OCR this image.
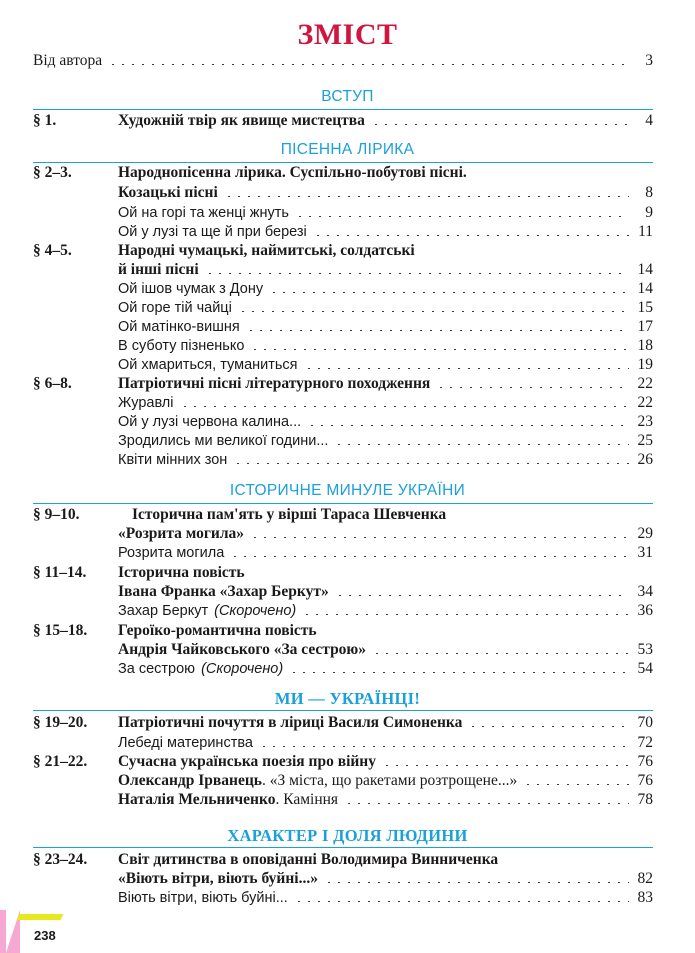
ЗМІСТ
Від автора	3
ВСТУП
§ 1.	Художній твір як явище мистецтва	4
ПІСЕННА ЛІРИКА
§ 2–3.	Народнопісенна лірика. Суспільно-побутові пісні.
Козацькі пісні	8
Ой на горі та женці жнуть	9
Ой у лузі та ще й при березі	11
§ 4–5.	Народні чумацькі, наймитські, солдатські
й інші пісні	14
Ой ішов чумак з Дону	14
Ой горе тій чайці	15
Ой матінко-вишня	17
В суботу пізненько	18
Ой хмариться, туманиться	19
§ 6–8.	Патріотичні пісні літературного походження	22
Журавлі	22
Ой у лузі червона калина...	23
Зродились ми великої години...	25
Квіти мінних зон	26
ІСТОРИЧНЕ МИНУЛЕ УКРАЇНИ
§ 9–10.	Історична пам'ять у вірші Тараса Шевченка
«Розрита могила»	29
Розрита могила	31
§ 11–14. Історична повість
Івана Франка «Захар Беркут»	34
Захар Беркут (Скорочено)	36
§ 15–18. Героїко-романтична повість
Андрія Чайковського «За сестрою»	53
За сестрою (Скорочено)	54
МИ — УКРАЇНЦІ!
§ 19–20. Патріотичні почуття в ліриці Василя Симоненка	70
Лебеді материнства	72
§ 21–22. Сучасна українська поезія про війну	76
Олександр Ірванець . «З міста, що ракетами розтрощене...»	76
Наталія Мельниченко . Каміння	78
ХАРАКТЕР І ДОЛЯ ЛЮДИНИ
§ 23–24. Світ дитинства в оповіданні Володимира Винниченка
«Віють вітри, віють буйні...»	82
Віють вітри, віють буйні...	83
238
